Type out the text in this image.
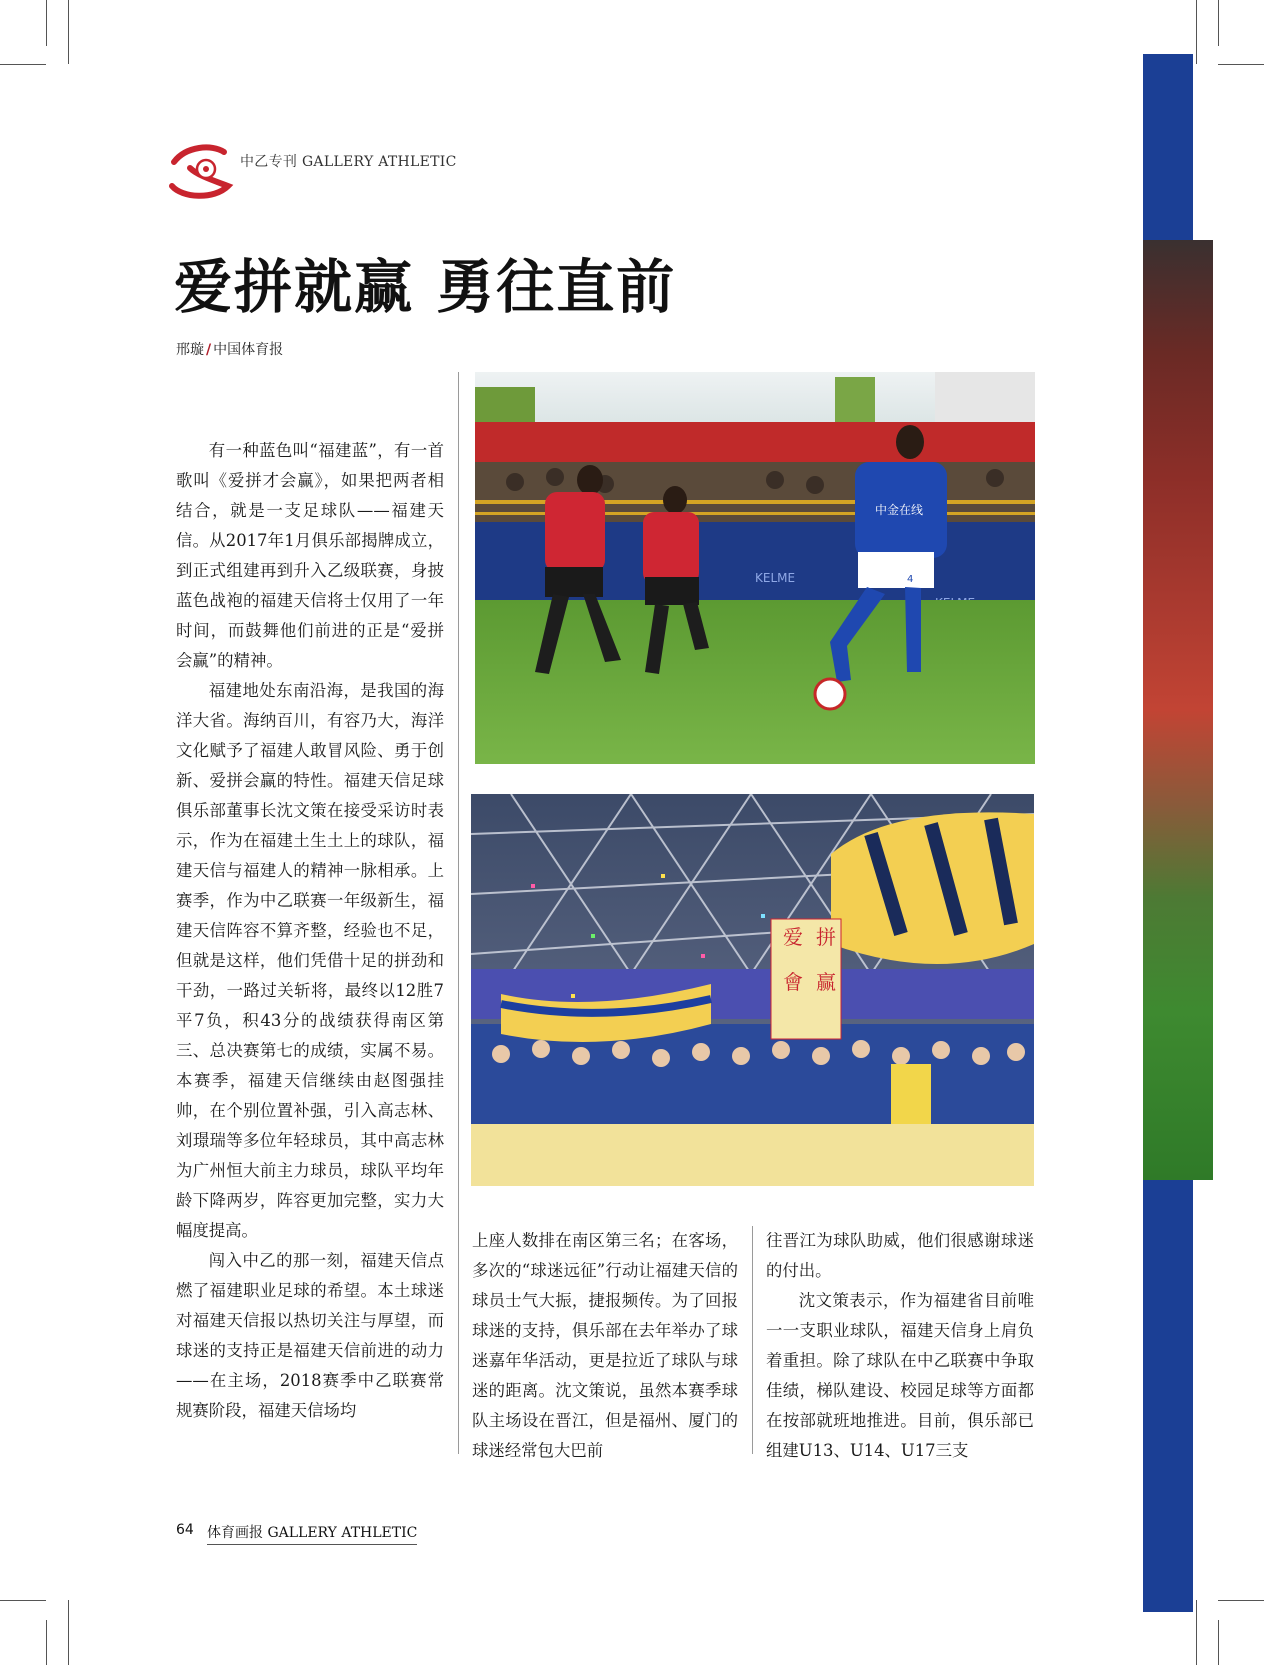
中乙专刊 GALLERY ATHLETIC
爱拼就赢 勇往直前
邢璇 / 中国体育报
KELME
中金在线
4
爱 拼
會 赢

有一种蓝色叫“福建蓝”，有一首歌叫《爱拼才会赢》，如果把两者相结合，就是一支足球队——福建天信。从2017年1月俱乐部揭牌成立，到正式组建再到升入乙级联赛，身披蓝色战袍的福建天信将士仅用了一年时间，而鼓舞他们前进的正是“爱拼会赢”的精神。

福建地处东南沿海，是我国的海洋大省。海纳百川，有容乃大，海洋文化赋予了福建人敢冒风险、勇于创新、爱拼会赢的特性。福建天信足球俱乐部董事长沈文策在接受采访时表示，作为在福建土生土上的球队，福建天信与福建人的精神一脉相承。上赛季，作为中乙联赛一年级新生，福建天信阵容不算齐整，经验也不足，但就是这样，他们凭借十足的拼劲和干劲，一路过关斩将，最终以12胜7平7负，积43分的战绩获得南区第三、总决赛第七的成绩，实属不易。本赛季，福建天信继续由赵图强挂帅，在个别位置补强，引入高志林、刘璟瑞等多位年轻球员，其中高志林为广州恒大前主力球员，球队平均年龄下降两岁，阵容更加完整，实力大幅度提高。

闯入中乙的那一刻，福建天信点燃了福建职业足球的希望。本土球迷对福建天信报以热切关注与厚望，而球迷的支持正是福建天信前进的动力——在主场，2018赛季中乙联赛常规赛阶段，福建天信场均

上座人数排在南区第三名；在客场，多次的“球迷远征”行动让福建天信的球员士气大振，捷报频传。为了回报球迷的支持，俱乐部在去年举办了球迷嘉年华活动，更是拉近了球队与球迷的距离。沈文策说，虽然本赛季球队主场设在晋江，但是福州、厦门的球迷经常包大巴前

往晋江为球队助威，他们很感谢球迷的付出。

沈文策表示，作为福建省目前唯一一支职业球队，福建天信身上肩负着重担。除了球队在中乙联赛中争取佳绩，梯队建设、校园足球等方面都在按部就班地推进。目前，俱乐部已组建U13、U14、U17三支

64 体育画报 GALLERY ATHLETIC
